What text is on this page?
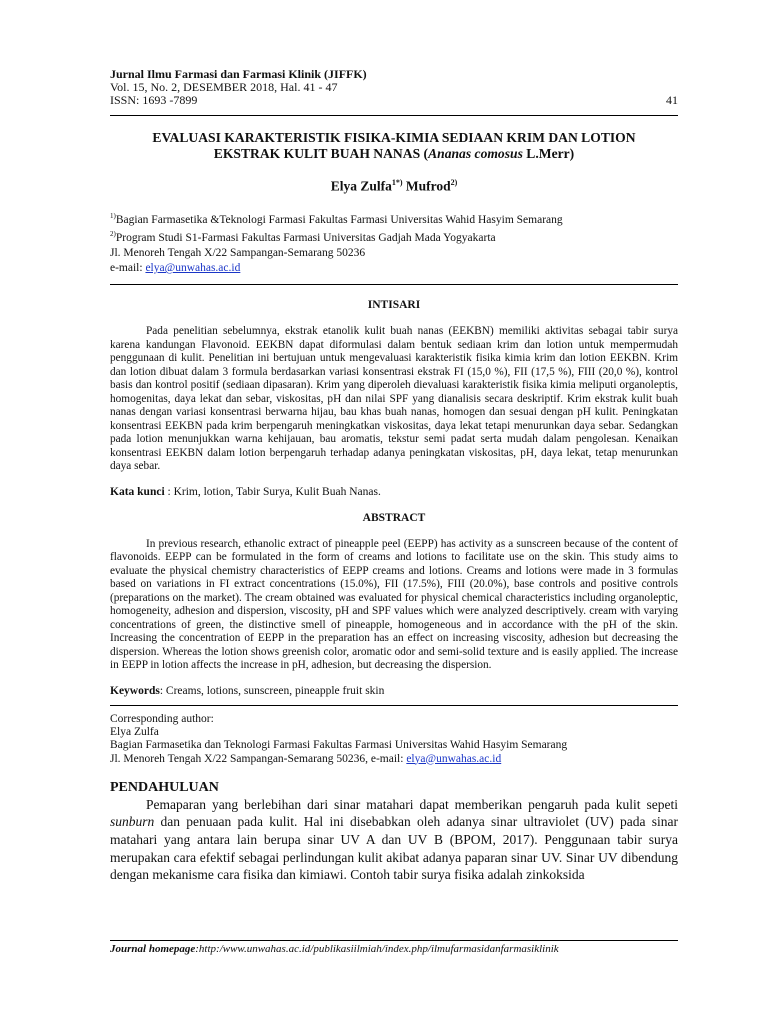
Jurnal Ilmu Farmasi dan Farmasi Klinik (JIFFK)
Vol. 15, No. 2, DESEMBER 2018, Hal. 41 - 47
ISSN: 1693 -7899	41
EVALUASI KARAKTERISTIK FISIKA-KIMIA SEDIAAN KRIM DAN LOTION
EKSTRAK KULIT BUAH NANAS (Ananas comosus L.Merr)
Elya Zulfa$^{1*)}$ Mufrod$^{2)}$
$^{1)}$Bagian Farmasetika &Teknologi Farmasi Fakultas Farmasi Universitas Wahid Hasyim Semarang
$^{2)}$Program Studi S1-Farmasi Fakultas Farmasi Universitas Gadjah Mada Yogyakarta
Jl. Menoreh Tengah X/22 Sampangan-Semarang 50236
e-mail: elya@unwahas.ac.id
INTISARI
Pada penelitian sebelumnya, ekstrak etanolik kulit buah nanas (EEKBN) memiliki aktivitas sebagai tabir surya karena kandungan Flavonoid. EEKBN dapat diformulasi dalam bentuk sediaan krim dan lotion untuk mempermudah penggunaan di kulit. Penelitian ini bertujuan untuk mengevaluasi karakteristik fisika kimia krim dan lotion EEKBN. Krim dan lotion dibuat dalam 3 formula berdasarkan variasi konsentrasi ekstrak FI (15,0 %), FII (17,5 %), FIII (20,0 %), kontrol basis dan kontrol positif (sediaan dipasaran). Krim yang diperoleh dievaluasi karakteristik fisika kimia meliputi organoleptis, homogenitas, daya lekat dan sebar, viskositas, pH dan nilai SPF yang dianalisis secara deskriptif. Krim ekstrak kulit buah nanas dengan variasi konsentrasi berwarna hijau, bau khas buah nanas, homogen dan sesuai dengan pH kulit. Peningkatan konsentrasi EEKBN pada krim berpengaruh meningkatkan viskositas, daya lekat tetapi menurunkan daya sebar. Sedangkan pada lotion menunjukkan warna kehijauan, bau aromatis, tekstur semi padat serta mudah dalam pengolesan. Kenaikan konsentrasi EEKBN dalam lotion berpengaruh terhadap adanya peningkatan viskositas, pH, daya lekat, tetap menurunkan daya sebar.
Kata kunci : Krim, lotion, Tabir Surya, Kulit Buah Nanas.
ABSTRACT
In previous research, ethanolic extract of pineapple peel (EEPP) has activity as a sunscreen because of the content of flavonoids. EEPP can be formulated in the form of creams and lotions to facilitate use on the skin. This study aims to evaluate the physical chemistry characteristics of EEPP creams and lotions. Creams and lotions were made in 3 formulas based on variations in FI extract concentrations (15.0%), FII (17.5%), FIII (20.0%), base controls and positive controls (preparations on the market). The cream obtained was evaluated for physical chemical characteristics including organoleptic, homogeneity, adhesion and dispersion, viscosity, pH and SPF values which were analyzed descriptively. cream with varying concentrations of green, the distinctive smell of pineapple, homogeneous and in accordance with the pH of the skin. Increasing the concentration of EEPP in the preparation has an effect on increasing viscosity, adhesion but decreasing the dispersion. Whereas the lotion shows greenish color, aromatic odor and semi-solid texture and is easily applied. The increase in EEPP in lotion affects the increase in pH, adhesion, but decreasing the dispersion.
Keywords: Creams, lotions, sunscreen, pineapple fruit skin
Corresponding author:
Elya Zulfa
Bagian Farmasetika dan Teknologi Farmasi Fakultas Farmasi Universitas Wahid Hasyim Semarang
Jl. Menoreh Tengah X/22 Sampangan-Semarang 50236, e-mail: elya@unwahas.ac.id
PENDAHULUAN
Pemaparan yang berlebihan dari sinar matahari dapat memberikan pengaruh pada kulit sepeti sunburn dan penuaan pada kulit. Hal ini disebabkan oleh adanya sinar ultraviolet (UV) pada sinar matahari yang antara lain berupa sinar UV A dan UV B (BPOM, 2017). Penggunaan tabir surya merupakan cara efektif sebagai perlindungan kulit akibat adanya paparan sinar UV. Sinar UV dibendung dengan mekanisme cara fisika dan kimiawi. Contoh tabir surya fisika adalah zinkoksida
Journal homepage:http:/www.unwahas.ac.id/publikasiilmiah/index.php/ilmufarmasidanfarmasiklinik
